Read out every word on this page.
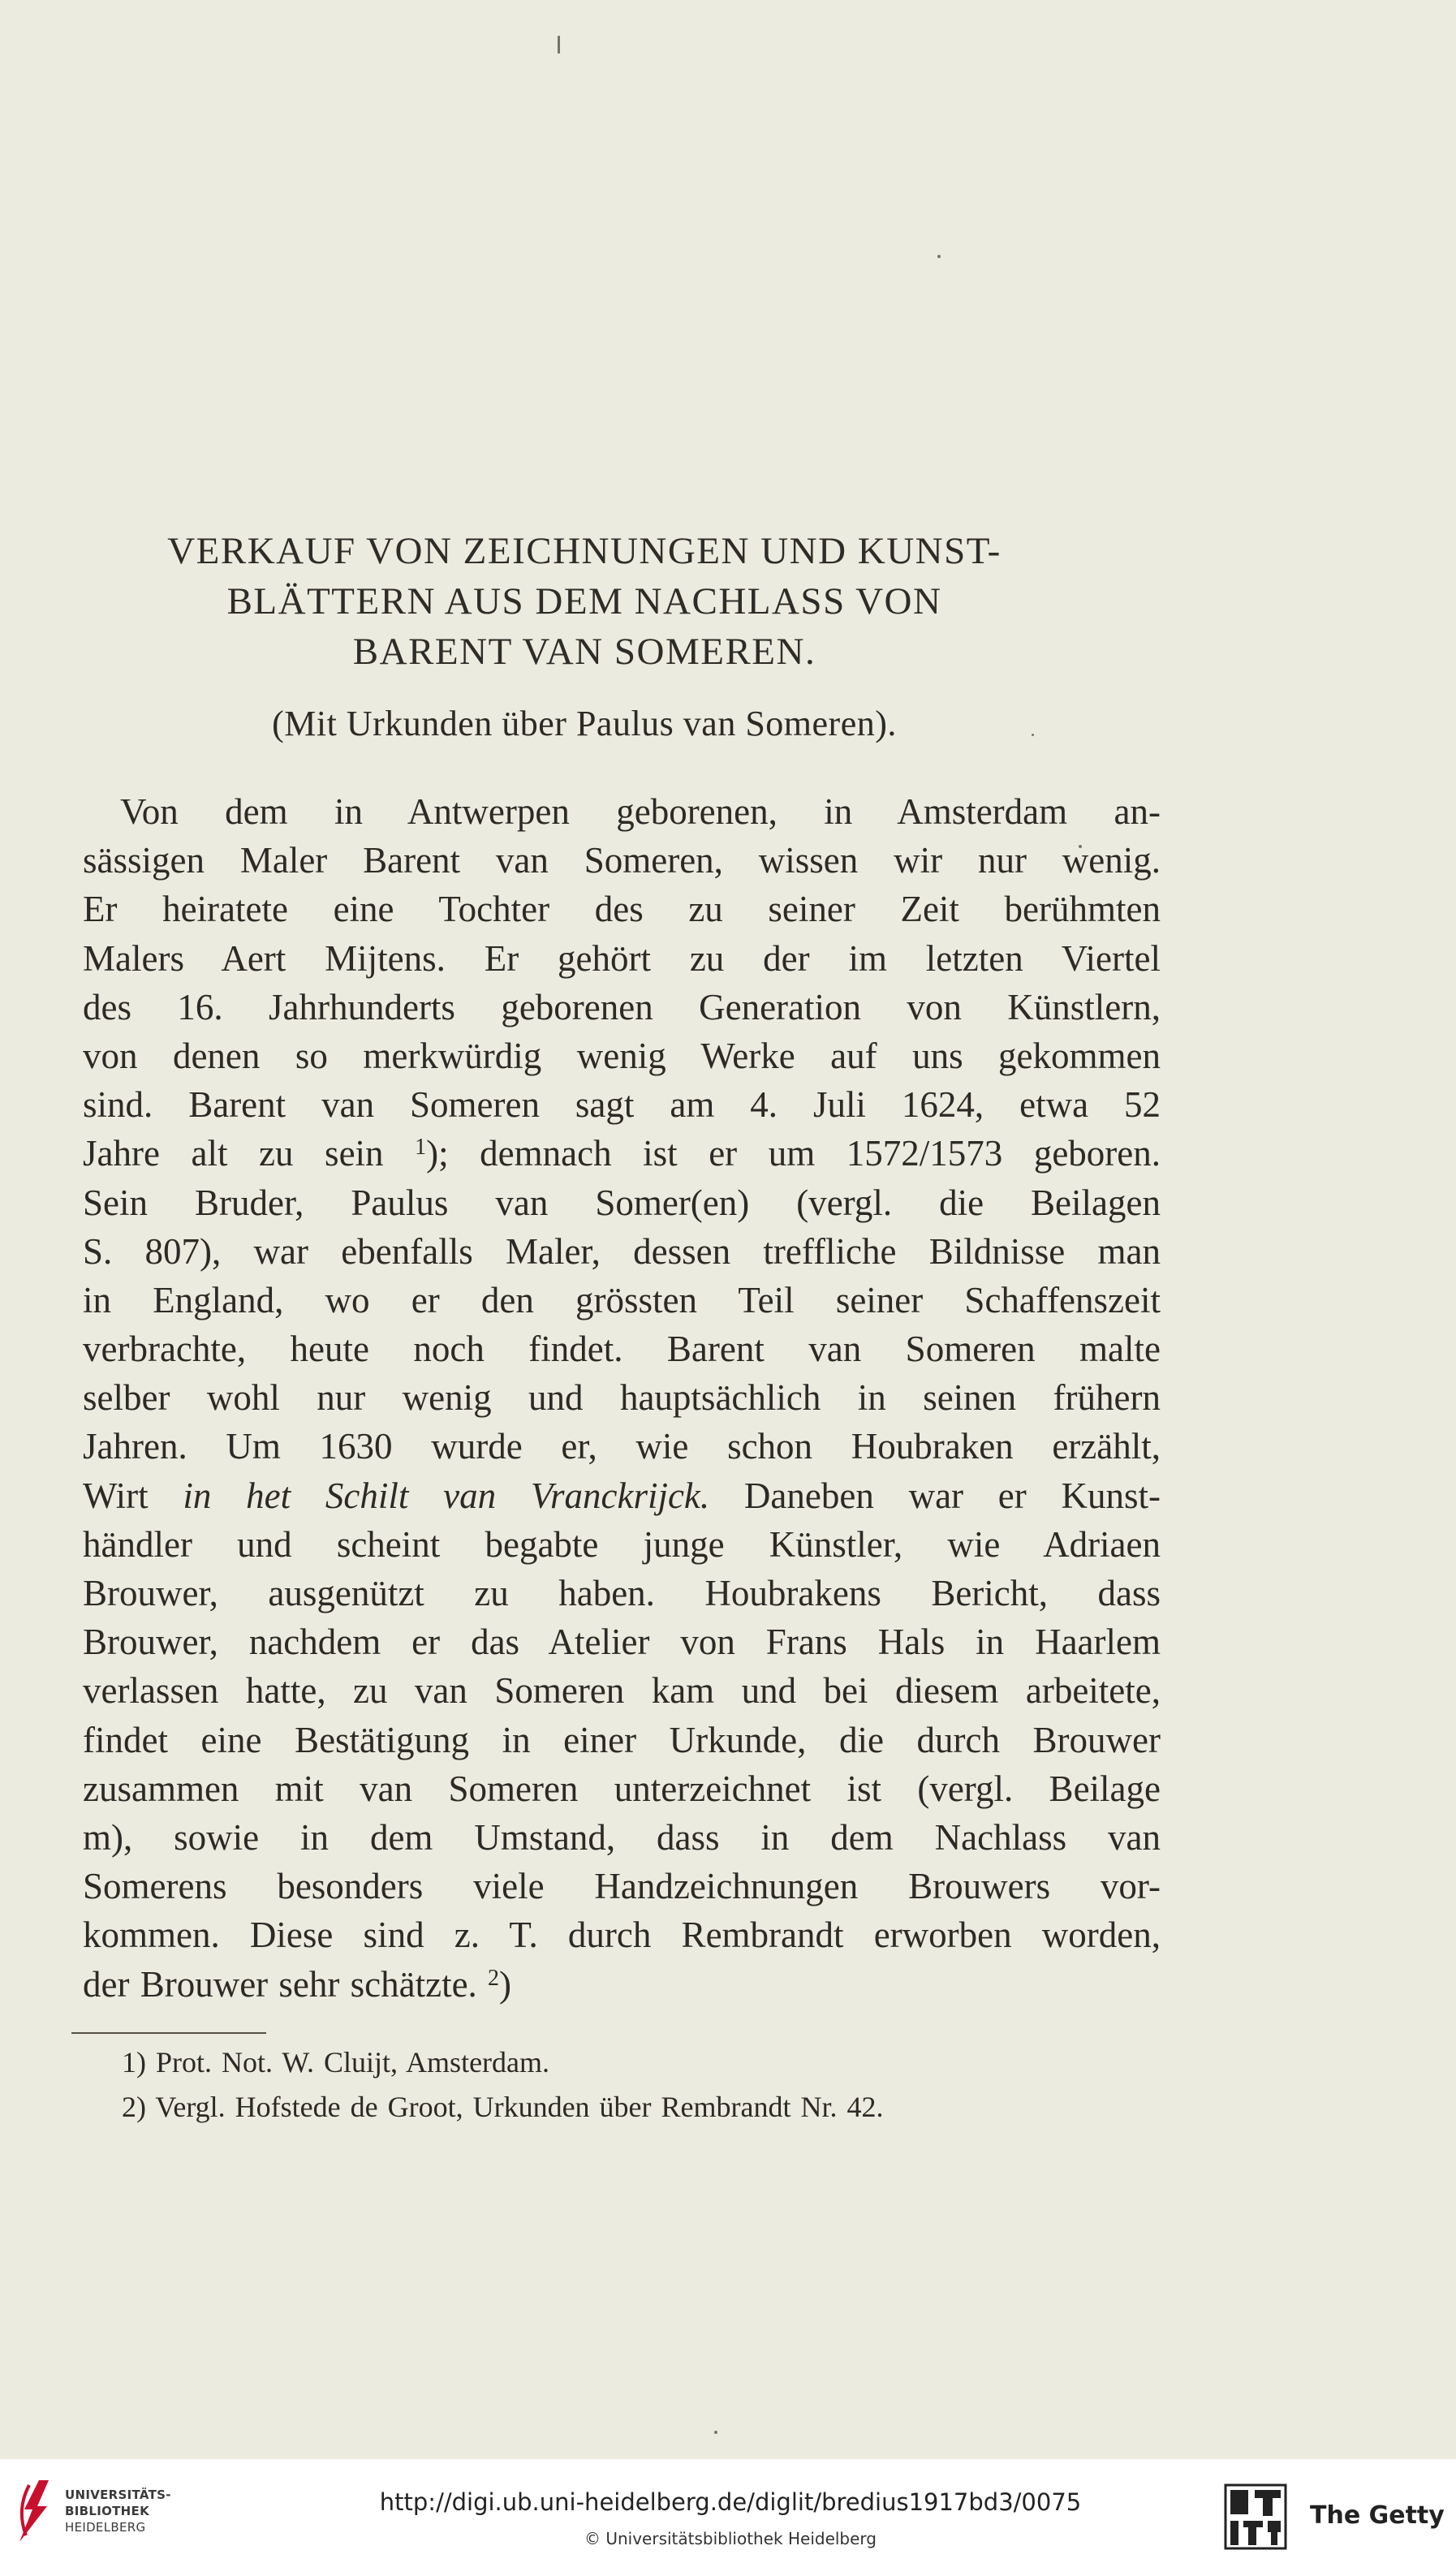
VERKAUF VON ZEICHNUNGEN UND KUNST-
BLÄTTERN AUS DEM NACHLASS VON
BARENT VAN SOMEREN.
(Mit Urkunden über Paulus van Someren).
Von dem in Antwerpen geborenen, in Amsterdam an-
sässigen Maler Barent van Someren, wissen wir nur wenig.
Er heiratete eine Tochter des zu seiner Zeit berühmten
Malers Aert Mijtens. Er gehört zu der im letzten Viertel
des 16. Jahrhunderts geborenen Generation von Künstlern,
von denen so merkwürdig wenig Werke auf uns gekommen
sind. Barent van Someren sagt am 4. Juli 1624, etwa 52
Jahre alt zu sein $^1$); demnach ist er um 1572/1573 geboren.
Sein Bruder, Paulus van Somer(en) (vergl. die Beilagen
S. 807), war ebenfalls Maler, dessen treffliche Bildnisse man
in England, wo er den grössten Teil seiner Schaffenszeit
verbrachte, heute noch findet. Barent van Someren malte
selber wohl nur wenig und hauptsächlich in seinen frühern
Jahren. Um 1630 wurde er, wie schon Houbraken erzählt,
Wirt in het Schilt van Vranckrijck. Daneben war er Kunst-
händler und scheint begabte junge Künstler, wie Adriaen
Brouwer, ausgenützt zu haben. Houbrakens Bericht, dass
Brouwer, nachdem er das Atelier von Frans Hals in Haarlem
verlassen hatte, zu van Someren kam und bei diesem arbeitete,
findet eine Bestätigung in einer Urkunde, die durch Brouwer
zusammen mit van Someren unterzeichnet ist (vergl. Beilage
m), sowie in dem Umstand, dass in dem Nachlass van
Somerens besonders viele Handzeichnungen Brouwers vor-
kommen. Diese sind z. T. durch Rembrandt erworben worden,
der Brouwer sehr schätzte. $^2$)
1) Prot. Not. W. Cluijt, Amsterdam.
2) Vergl. Hofstede de Groot, Urkunden über Rembrandt Nr. 42.
UNIVERSITÄTS-
BIBLIOTHEK
HEIDELBERG
http://digi.ub.uni-heidelberg.de/diglit/bredius1917bd3/0075
© Universitätsbibliothek Heidelberg
The Getty
